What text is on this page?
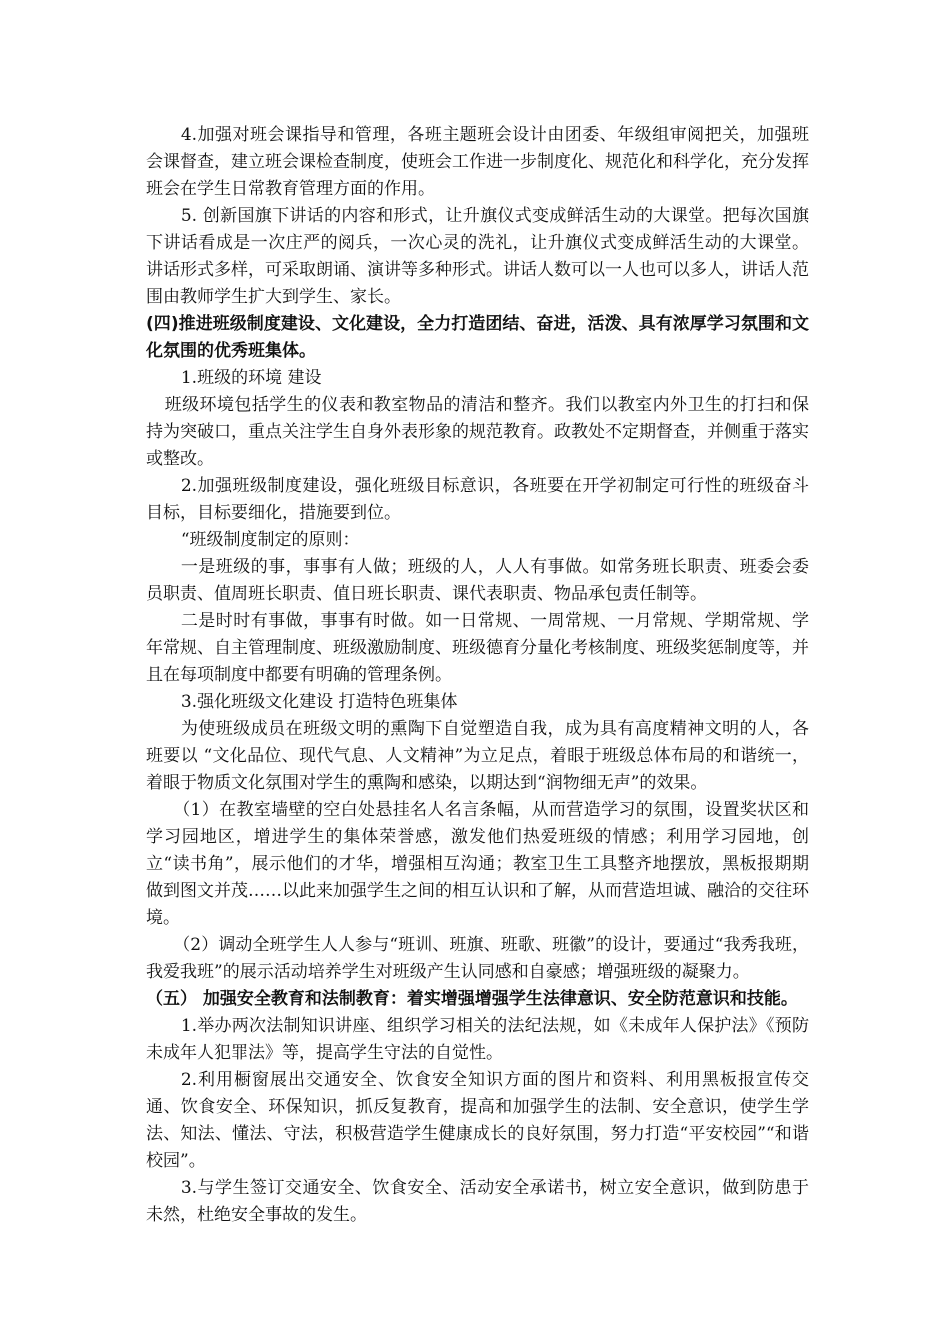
4.加强对班会课指导和管理，各班主题班会设计由团委、年级组审阅把关，加强班会课督查，建立班会课检查制度，使班会工作进一步制度化、规范化和科学化，充分发挥班会在学生日常教育管理方面的作用。

5. 创新国旗下讲话的内容和形式，让升旗仪式变成鲜活生动的大课堂。把每次国旗下讲话看成是一次庄严的阅兵，一次心灵的洗礼，让升旗仪式变成鲜活生动的大课堂。 讲话形式多样，可采取朗诵、演讲等多种形式。讲话人数可以一人也可以多人，讲话人范围由教师学生扩大到学生、家长。

(四)推进班级制度建设、文化建设，全力打造团结、奋进，活泼、具有浓厚学习氛围和文化氛围的优秀班集体。

1.班级的环境 建设

班级环境包括学生的仪表和教室物品的清洁和整齐。我们以教室内外卫生的打扫和保持为突破口，重点关注学生自身外表形象的规范教育。政教处不定期督查，并侧重于落实或整改。

2.加强班级制度建设，强化班级目标意识，各班要在开学初制定可行性的班级奋斗目标，目标要细化，措施要到位。

“班级制度制定的原则：

一是班级的事，事事有人做；班级的人，人人有事做。如常务班长职责、班委会委员职责、值周班长职责、值日班长职责、课代表职责、物品承包责任制等。

二是时时有事做，事事有时做。如一日常规、一周常规、一月常规、学期常规、学年常规、自主管理制度、班级激励制度、班级德育分量化考核制度、班级奖惩制度等，并且在每项制度中都要有明确的管理条例。

3.强化班级文化建设 打造特色班集体

为使班级成员在班级文明的熏陶下自觉塑造自我，成为具有高度精神文明的人，各班要以 “文化品位、现代气息、人文精神”为立足点，着眼于班级总体布局的和谐统一，着眼于物质文化氛围对学生的熏陶和感染，以期达到“润物细无声”的效果。

（1）在教室墙壁的空白处悬挂名人名言条幅，从而营造学习的氛围，设置奖状区和学习园地区，增进学生的集体荣誉感，激发他们热爱班级的情感；利用学习园地，创立“读书角”，展示他们的才华，增强相互沟通；教室卫生工具整齐地摆放，黑板报期期做到图文并茂……以此来加强学生之间的相互认识和了解，从而营造坦诚、融洽的交往环境。

（2）调动全班学生人人参与“班训、班旗、班歌、班徽”的设计，要通过“我秀我班，我爱我班”的展示活动培养学生对班级产生认同感和自豪感；增强班级的凝聚力。

（五） 加强安全教育和法制教育：着实增强增强学生法律意识、安全防范意识和技能。

1.举办两次法制知识讲座、组织学习相关的法纪法规，如《未成年人保护法》《预防未成年人犯罪法》等，提高学生守法的自觉性。

2.利用橱窗展出交通安全、饮食安全知识方面的图片和资料、利用黑板报宣传交通、饮食安全、环保知识，抓反复教育，提高和加强学生的法制、安全意识，使学生学法、知法、懂法、守法，积极营造学生健康成长的良好氛围，努力打造“平安校园”“和谐校园”。

3.与学生签订交通安全、饮食安全、活动安全承诺书，树立安全意识，做到防患于未然，杜绝安全事故的发生。
